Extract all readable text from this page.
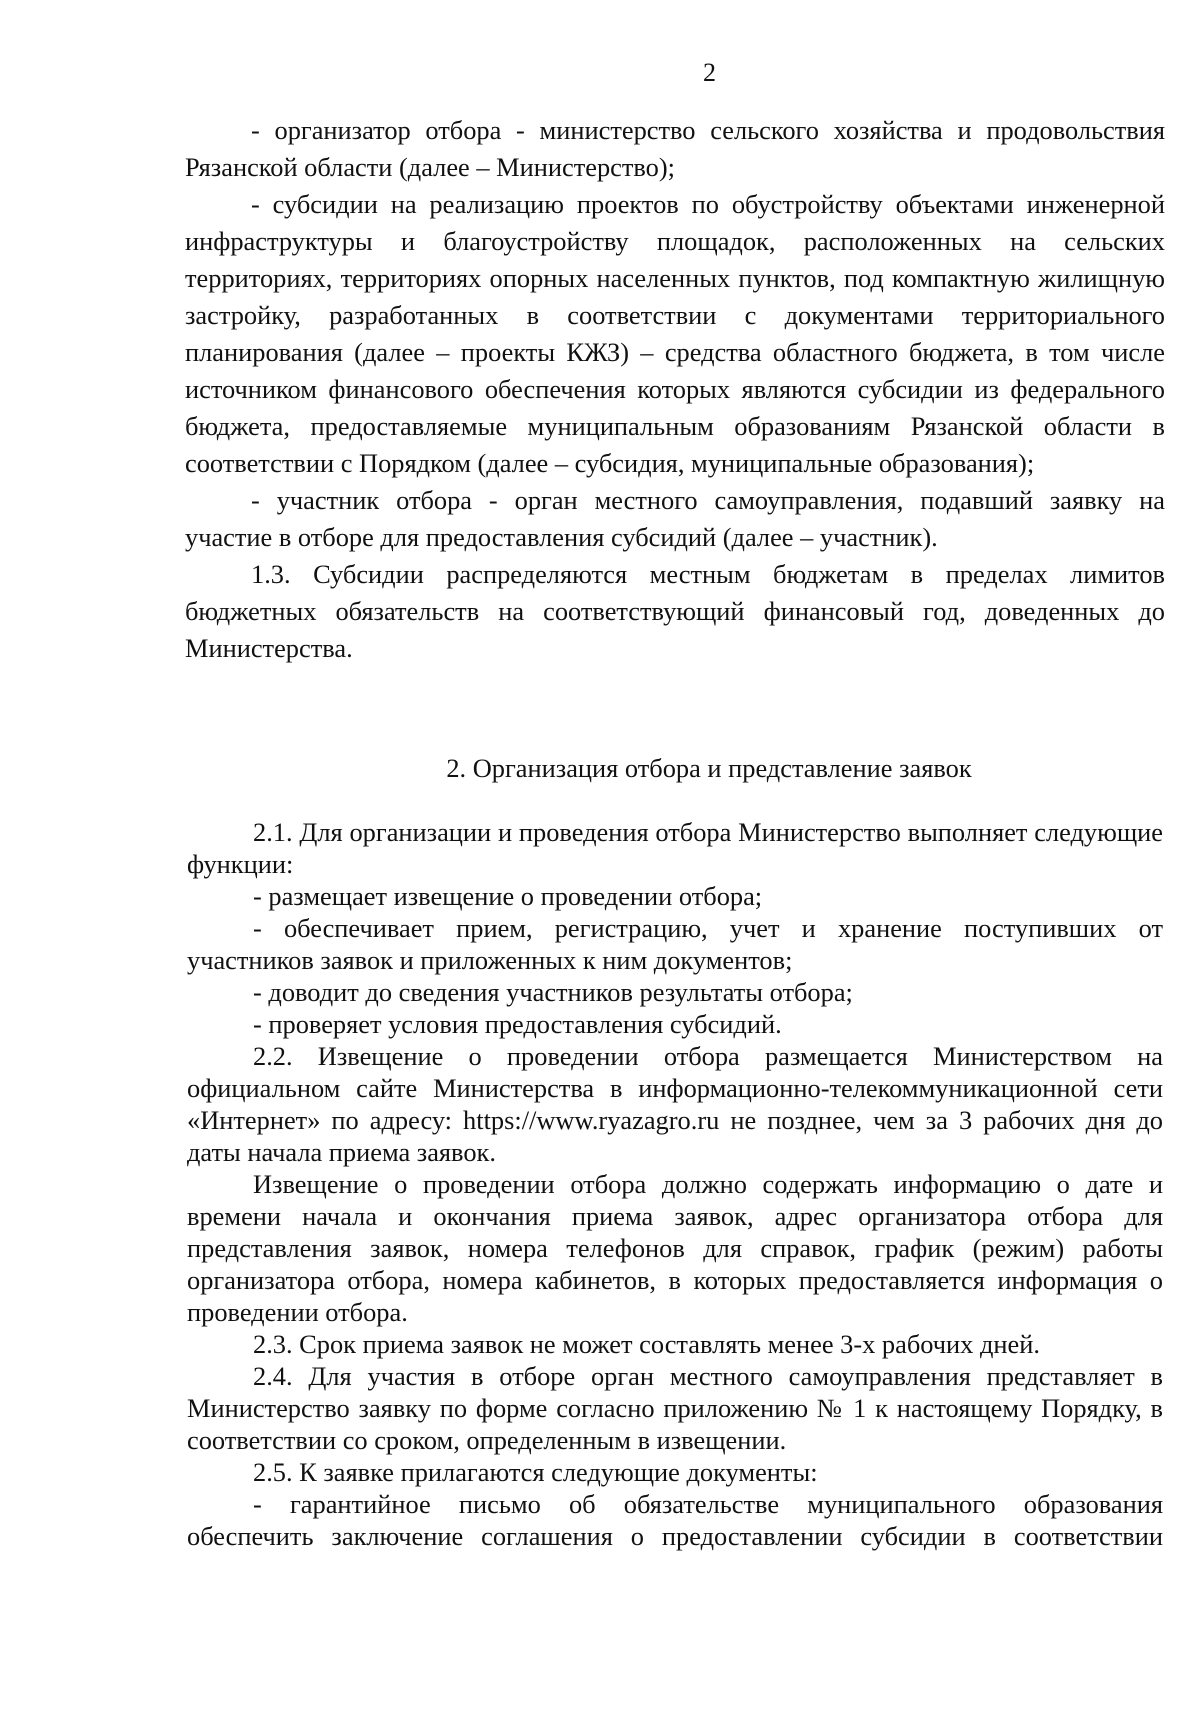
2

- организатор отбора - министерство сельского хозяйства и продовольствия Рязанской области (далее – Министерство);

- субсидии на реализацию проектов по обустройству объектами инженерной инфраструктуры и благоустройству площадок, расположенных на сельских территориях, территориях опорных населенных пунктов, под компактную жилищную застройку, разработанных в соответствии с документами территориального планирования (далее – проекты КЖЗ) – средства областного бюджета, в том числе источником финансового обеспечения которых являются субсидии из федерального бюджета, предоставляемые муниципальным образованиям Рязанской области в соответствии с Порядком (далее – субсидия, муниципальные образования);

- участник отбора - орган местного самоуправления, подавший заявку на участие в отборе для предоставления субсидий (далее – участник).

1.3. Субсидии распределяются местным бюджетам в пределах лимитов бюджетных обязательств на соответствующий финансовый год, доведенных до Министерства.

2. Организация отбора и представление заявок

2.1. Для организации и проведения отбора Министерство выполняет следующие функции:

- размещает извещение о проведении отбора;

- обеспечивает прием, регистрацию, учет и хранение поступивших от участников заявок и приложенных к ним документов;

- доводит до сведения участников результаты отбора;

- проверяет условия предоставления субсидий.

2.2. Извещение о проведении отбора размещается Министерством на официальном сайте Министерства в информационно-телекоммуникационной сети «Интернет» по адресу: https://www.ryazagro.ru не позднее, чем за 3 рабочих дня до даты начала приема заявок.

Извещение о проведении отбора должно содержать информацию о дате и времени начала и окончания приема заявок, адрес организатора отбора для представления заявок, номера телефонов для справок, график (режим) работы организатора отбора, номера кабинетов, в которых предоставляется информация о проведении отбора.

2.3. Срок приема заявок не может составлять менее 3-х рабочих дней.

2.4. Для участия в отборе орган местного самоуправления представляет в Министерство заявку по форме согласно приложению № 1 к настоящему Порядку, в соответствии со сроком, определенным в извещении.

2.5. К заявке прилагаются следующие документы:

- гарантийное письмо об обязательстве муниципального образования обеспечить заключение соглашения о предоставлении субсидии в соответствии
